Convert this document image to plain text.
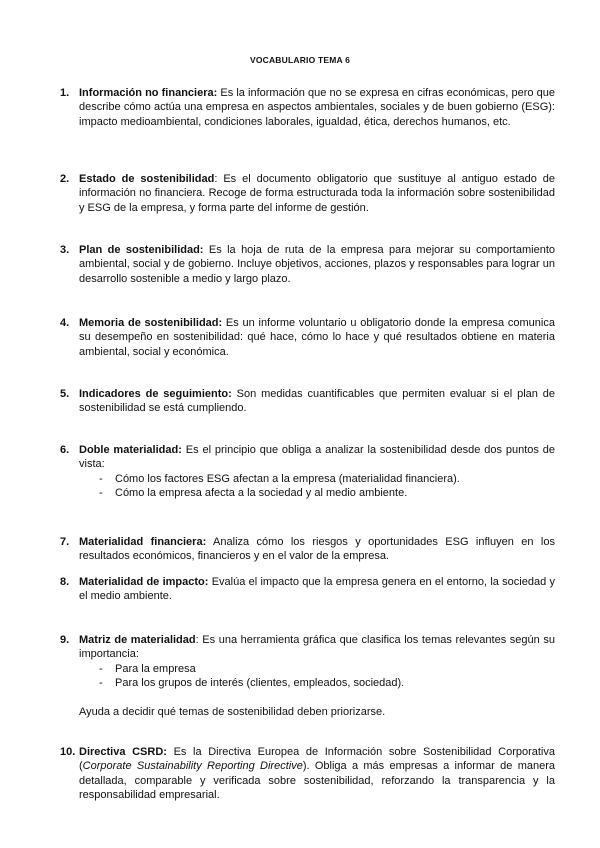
VOCABULARIO TEMA 6
1. Información no financiera: Es la información que no se expresa en cifras económicas, pero que describe cómo actúa una empresa en aspectos ambientales, sociales y de buen gobierno (ESG): impacto medioambiental, condiciones laborales, igualdad, ética, derechos humanos, etc.
2. Estado de sostenibilidad: Es el documento obligatorio que sustituye al antiguo estado de información no financiera. Recoge de forma estructurada toda la información sobre sostenibilidad y ESG de la empresa, y forma parte del informe de gestión.
3. Plan de sostenibilidad: Es la hoja de ruta de la empresa para mejorar su comportamiento ambiental, social y de gobierno. Incluye objetivos, acciones, plazos y responsables para lograr un desarrollo sostenible a medio y largo plazo.
4. Memoria de sostenibilidad: Es un informe voluntario u obligatorio donde la empresa comunica su desempeño en sostenibilidad: qué hace, cómo lo hace y qué resultados obtiene en materia ambiental, social y económica.
5. Indicadores de seguimiento: Son medidas cuantificables que permiten evaluar si el plan de sostenibilidad se está cumpliendo.
6. Doble materialidad: Es el principio que obliga a analizar la sostenibilidad desde dos puntos de vista:
- Cómo los factores ESG afectan a la empresa (materialidad financiera).
- Cómo la empresa afecta a la sociedad y al medio ambiente.
7. Materialidad financiera: Analiza cómo los riesgos y oportunidades ESG influyen en los resultados económicos, financieros y en el valor de la empresa.
8. Materialidad de impacto: Evalúa el impacto que la empresa genera en el entorno, la sociedad y el medio ambiente.
9. Matriz de materialidad: Es una herramienta gráfica que clasifica los temas relevantes según su importancia:
- Para la empresa
- Para los grupos de interés (clientes, empleados, sociedad).
Ayuda a decidir qué temas de sostenibilidad deben priorizarse.
10. Directiva CSRD: Es la Directiva Europea de Información sobre Sostenibilidad Corporativa (Corporate Sustainability Reporting Directive). Obliga a más empresas a informar de manera detallada, comparable y verificada sobre sostenibilidad, reforzando la transparencia y la responsabilidad empresarial.
